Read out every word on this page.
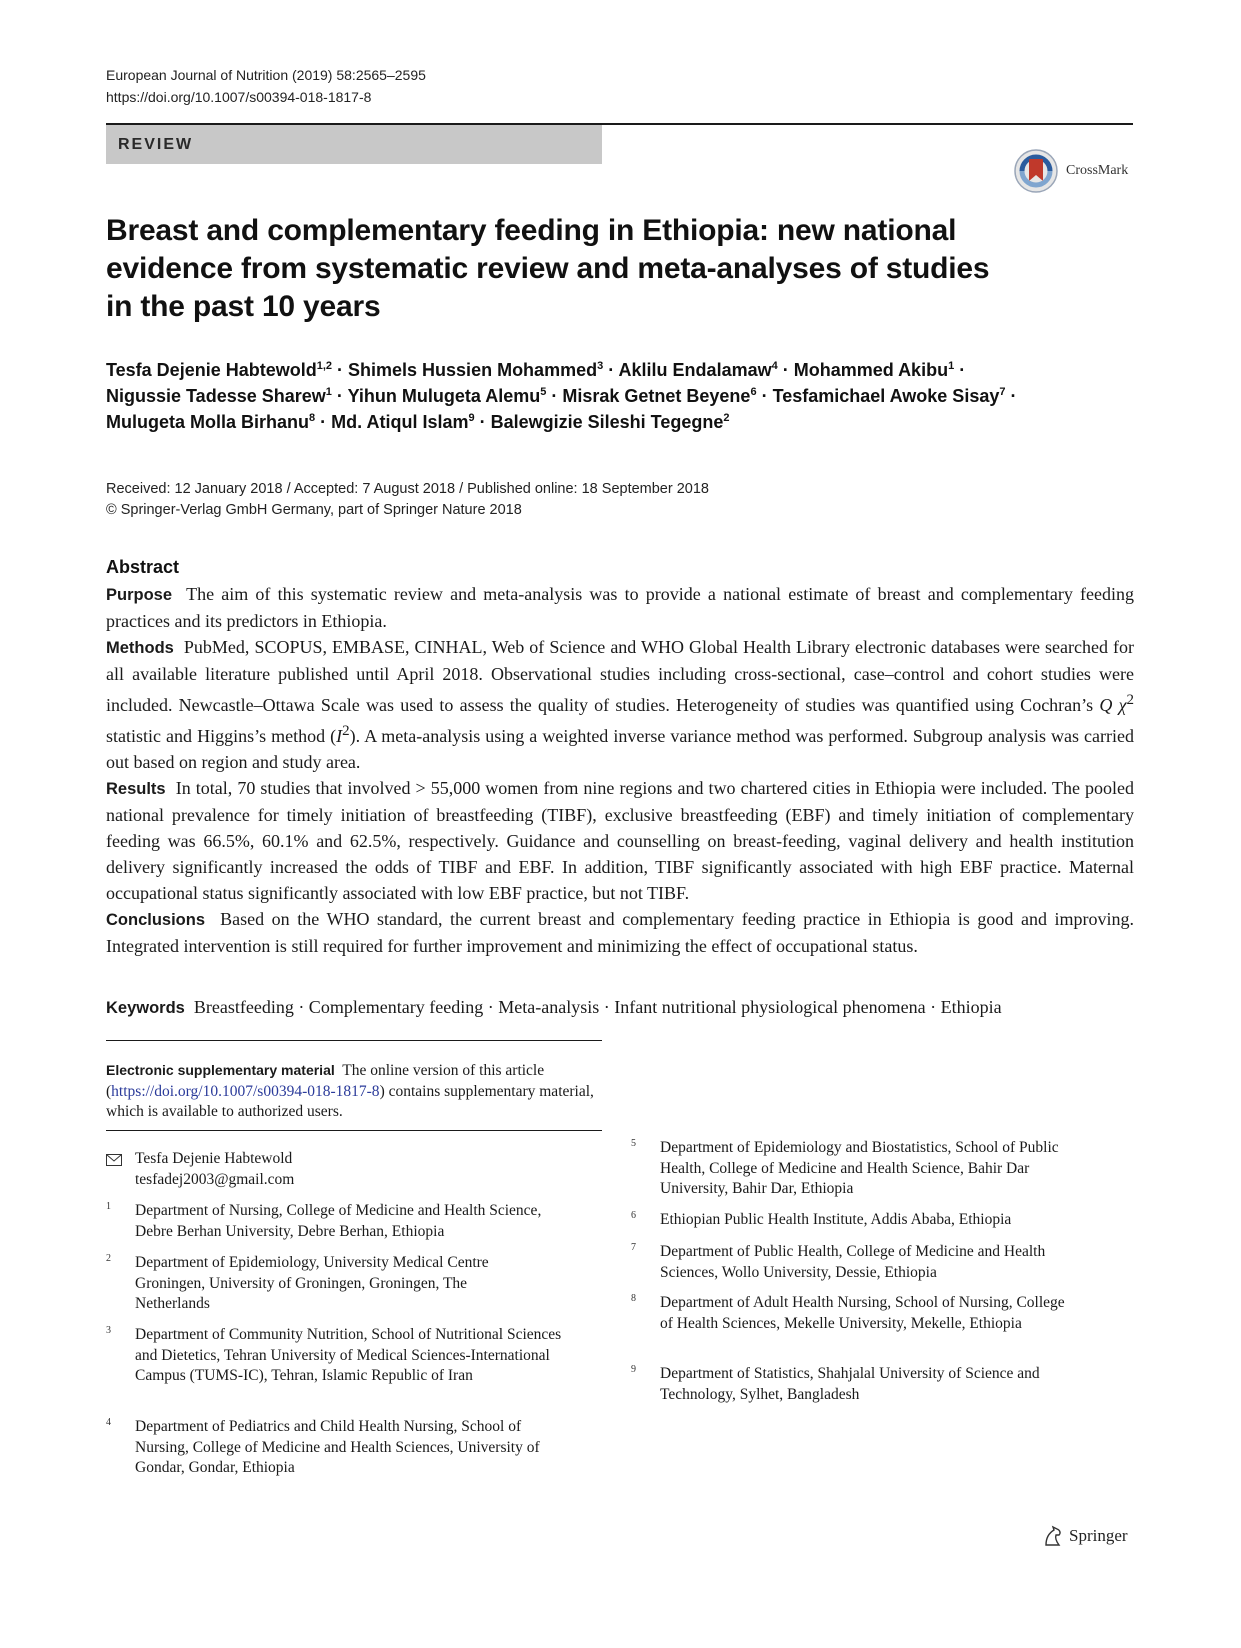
European Journal of Nutrition (2019) 58:2565–2595
https://doi.org/10.1007/s00394-018-1817-8
REVIEW
CrossMark
Breast and complementary feeding in Ethiopia: new national
evidence from systematic review and meta-analyses of studies
in the past 10 years
Tesfa Dejenie Habtewold$^{1,2}$ · Shimels Hussien Mohammed$^3$ · Aklilu Endalamaw$^4$ · Mohammed Akibu$^1$ ·
Nigussie Tadesse Sharew$^1$ · Yihun Mulugeta Alemu$^5$ · Misrak Getnet Beyene$^6$ · Tesfamichael Awoke Sisay$^7$ ·
Mulugeta Molla Birhanu$^8$ · Md. Atiqul Islam$^9$ · Balewgizie Sileshi Tegegne$^2$
Received: 12 January 2018 / Accepted: 7 August 2018 / Published online: 18 September 2018
© Springer-Verlag GmbH Germany, part of Springer Nature 2018
Abstract

Purpose The aim of this systematic review and meta-analysis was to provide a national estimate of breast and complementary feeding practices and its predictors in Ethiopia.

Methods PubMed, SCOPUS, EMBASE, CINHAL, Web of Science and WHO Global Health Library electronic databases were searched for all available literature published until April 2018. Observational studies including cross-sectional, case–control and cohort studies were included. Newcastle–Ottawa Scale was used to assess the quality of studies. Heterogeneity of studies was quantified using Cochran’s Q $\chi^2$ statistic and Higgins’s method $(I^2)$. A meta-analysis using a weighted inverse variance method was performed. Subgroup analysis was carried out based on region and study area.

Results In total, 70 studies that involved > 55,000 women from nine regions and two chartered cities in Ethiopia were included. The pooled national prevalence for timely initiation of breastfeeding (TIBF), exclusive breastfeeding (EBF) and timely initiation of complementary feeding was 66.5%, 60.1% and 62.5%, respectively. Guidance and counselling on breast-feeding, vaginal delivery and health institution delivery significantly increased the odds of TIBF and EBF. In addition, TIBF significantly associated with high EBF practice. Maternal occupational status significantly associated with low EBF practice, but not TIBF.

Conclusions Based on the WHO standard, the current breast and complementary feeding practice in Ethiopia is good and improving. Integrated intervention is still required for further improvement and minimizing the effect of occupational status.

Keywords Breastfeeding · Complementary feeding · Meta-analysis · Infant nutritional physiological phenomena · Ethiopia
Electronic supplementary material The online version of this article (https://doi.org/10.1007/s00394-018-1817-8) contains supplementary material, which is available to authorized users.
Tesfa Dejenie Habtewold
tesfadej2003@gmail.com
1 Department of Nursing, College of Medicine and Health Science, Debre Berhan University, Debre Berhan, Ethiopia
2 Department of Epidemiology, University Medical Centre Groningen, University of Groningen, Groningen, The Netherlands
3 Department of Community Nutrition, School of Nutritional Sciences and Dietetics, Tehran University of Medical Sciences-International Campus (TUMS-IC), Tehran, Islamic Republic of Iran
4 Department of Pediatrics and Child Health Nursing, School of Nursing, College of Medicine and Health Sciences, University of Gondar, Gondar, Ethiopia
5 Department of Epidemiology and Biostatistics, School of Public Health, College of Medicine and Health Science, Bahir Dar University, Bahir Dar, Ethiopia
6 Ethiopian Public Health Institute, Addis Ababa, Ethiopia
7 Department of Public Health, College of Medicine and Health Sciences, Wollo University, Dessie, Ethiopia
8 Department of Adult Health Nursing, School of Nursing, College of Health Sciences, Mekelle University, Mekelle, Ethiopia
9 Department of Statistics, Shahjalal University of Science and Technology, Sylhet, Bangladesh
Springer
